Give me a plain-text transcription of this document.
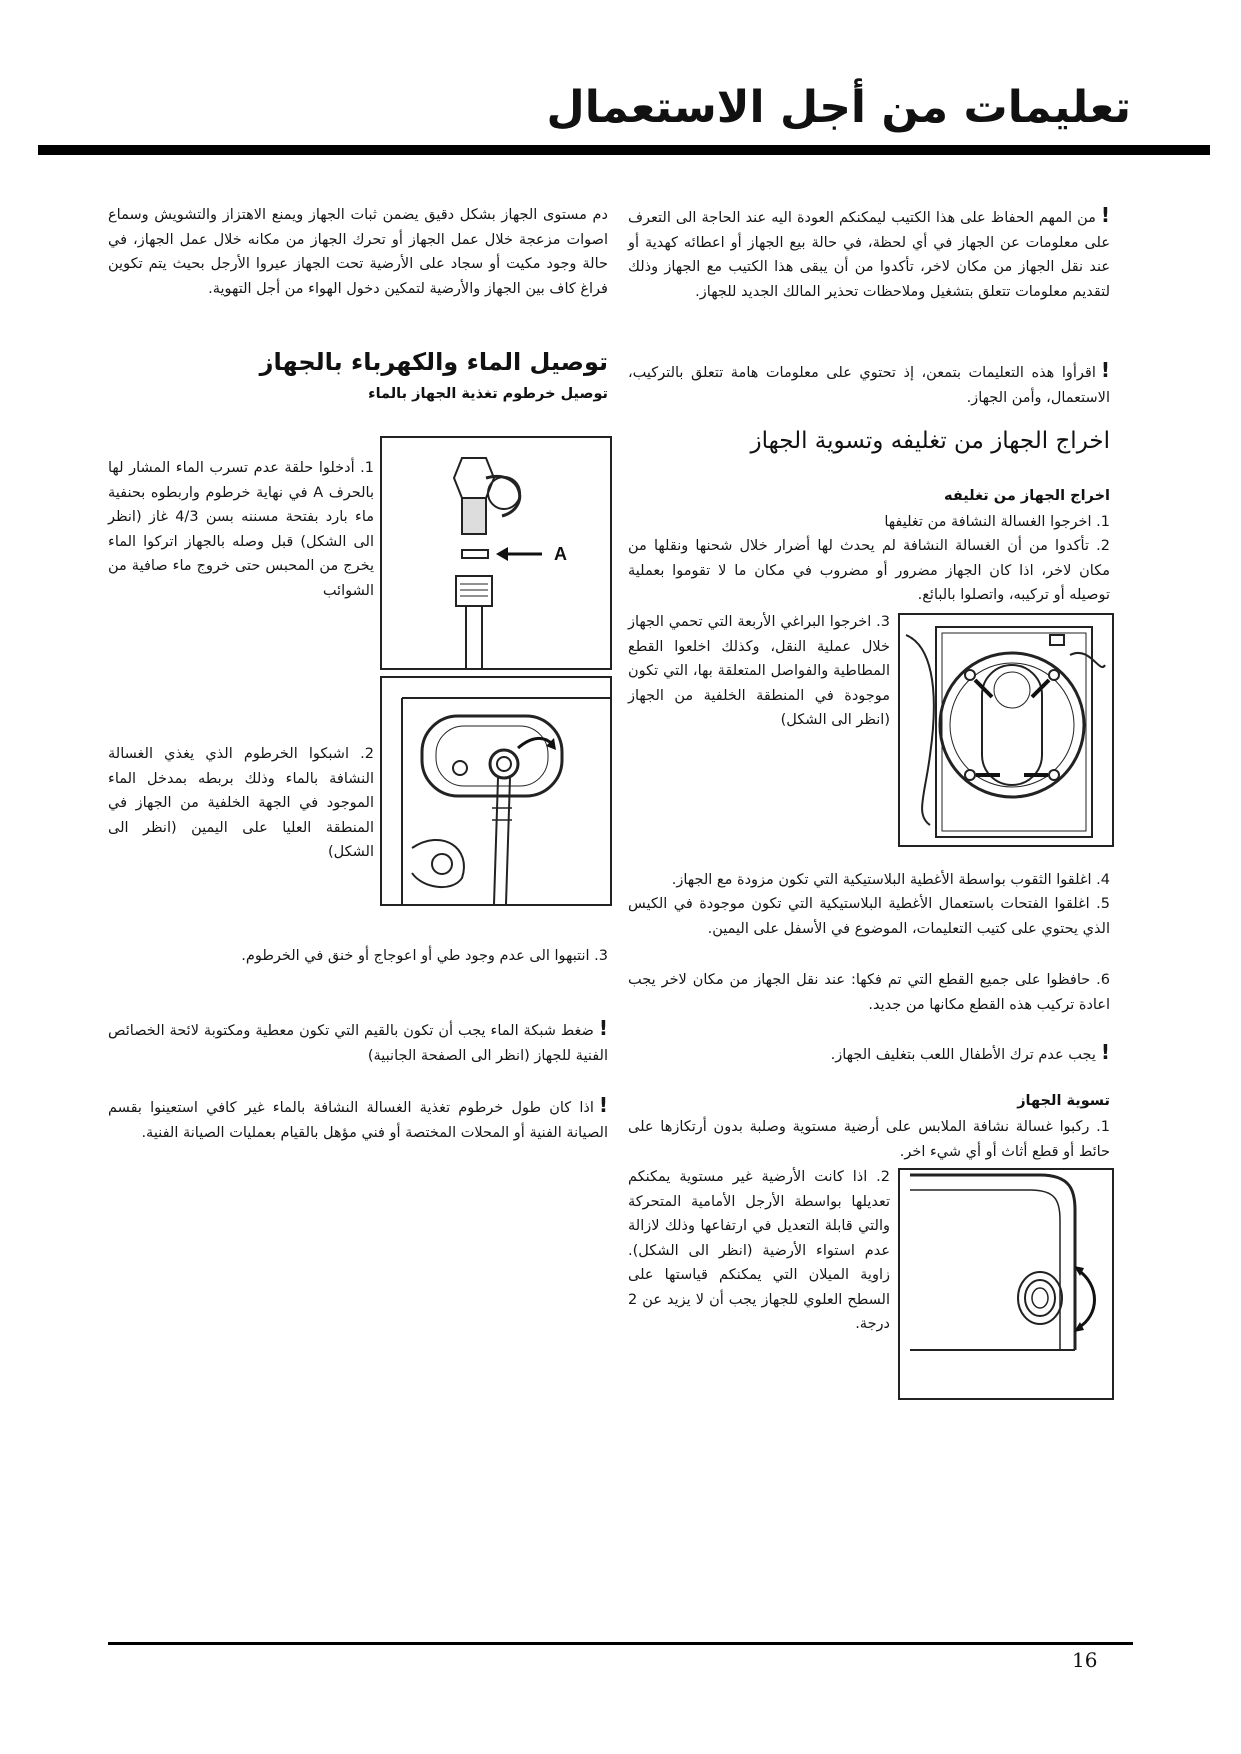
تعليمات من أجل الاستعمال

!من المهم الحفاظ على هذا الكتيب ليمكنكم العودة اليه عند الحاجة الى التعرف على معلومات عن الجهاز في أي لحظة، في حالة بيع الجهاز أو اعطائه كهدية أو عند نقل الجهاز من مكان لاخر، تأكدوا من أن يبقى هذا الكتيب مع الجهاز وذلك لتقديم معلومات تتعلق بتشغيل وملاحظات تحذير المالك الجديد للجهاز.

!اقرأوا هذه التعليمات بتمعن، إذ تحتوي على معلومات هامة تتعلق بالتركيب، الاستعمال، وأمن الجهاز.

اخراج الجهاز من تغليفه وتسوية الجهاز
اخراج الجهاز من تغليفه

1. اخرجوا الغسالة النشافة من تغليفها

2. تأكدوا من أن الغسالة النشافة لم يحدث لها أضرار خلال شحنها ونقلها من مكان لاخر، اذا كان الجهاز مضرور أو مضروب في مكان ما لا تقوموا بعملية توصيله أو تركيبه، واتصلوا بالبائع.

3. اخرجوا البراغي الأربعة التي تحمي الجهاز خلال عملية النقل، وكذلك اخلعوا القطع المطاطية والفواصل المتعلقة بها، التي تكون موجودة في المنطقة الخلفية من الجهاز (انظر الى الشكل)

4. اغلقوا الثقوب بواسطة الأغطية البلاستيكية التي تكون مزودة مع الجهاز.

5. اغلقوا الفتحات باستعمال الأغطية البلاستيكية التي تكون موجودة في الكيس الذي يحتوي على كتيب التعليمات، الموضوع في الأسفل على اليمين.

6. حافظوا على جميع القطع التي تم فكها: عند نقل الجهاز من مكان لاخر يجب اعادة تركيب هذه القطع مكانها من جديد.

!يجب عدم ترك الأطفال اللعب بتغليف الجهاز.

تسوية الجهاز

1. ركبوا غسالة نشافة الملابس على أرضية مستوية وصلبة بدون أرتكازها على حائط أو قطع أثاث أو أي شيء اخر.

2. اذا كانت الأرضية غير مستوية يمكنكم تعديلها بواسطة الأرجل الأمامية المتحركة والتي قابلة التعديل في ارتفاعها وذلك لازالة عدم استواء الأرضية (انظر الى الشكل). زاوية الميلان التي يمكنكم قياستها على السطح العلوي للجهاز يجب أن لا يزيد عن 2 درجة.

دم مستوى الجهاز بشكل دقيق يضمن ثبات الجهاز ويمنع الاهتزاز والتشويش وسماع اصوات مزعجة خلال عمل الجهاز أو تحرك الجهاز من مكانه خلال عمل الجهاز، في حالة وجود مكيت أو سجاد على الأرضية تحت الجهاز عيروا الأرجل بحيث يتم تكوين فراغ كاف بين الجهاز والأرضية لتمكين دخول الهواء من أجل التهوية.

توصيل الماء والكهرباء بالجهاز
توصيل خرطوم تغذية الجهاز بالماء

1. أدخلوا حلقة عدم تسرب الماء المشار لها بالحرف A في نهاية خرطوم واربطوه بحنفية ماء بارد بفتحة مسننه بسن 4/3 غاز (انظر الى الشكل) قبل وصله بالجهاز اتركوا الماء يخرج من المحبس حتى خروج ماء صافية من الشوائب

A

2. اشبكوا الخرطوم الذي يغذي الغسالة النشافة بالماء وذلك بربطه بمدخل الماء الموجود في الجهة الخلفية من الجهاز في المنطقة العليا على اليمين (انظر الى الشكل)

3. انتبهوا الى عدم وجود طي أو اعوجاج أو خنق في الخرطوم.

!ضغط شبكة الماء يجب أن تكون بالقيم التي تكون معطية ومكتوبة لائحة الخصائص الفنية للجهاز (انظر الى الصفحة الجانبية)

!اذا كان طول خرطوم تغذية الغسالة النشافة بالماء غير كافي استعينوا بقسم الصيانة الفنية أو المحلات المختصة أو فني مؤهل بالقيام بعمليات الصيانة الفنية.

16
